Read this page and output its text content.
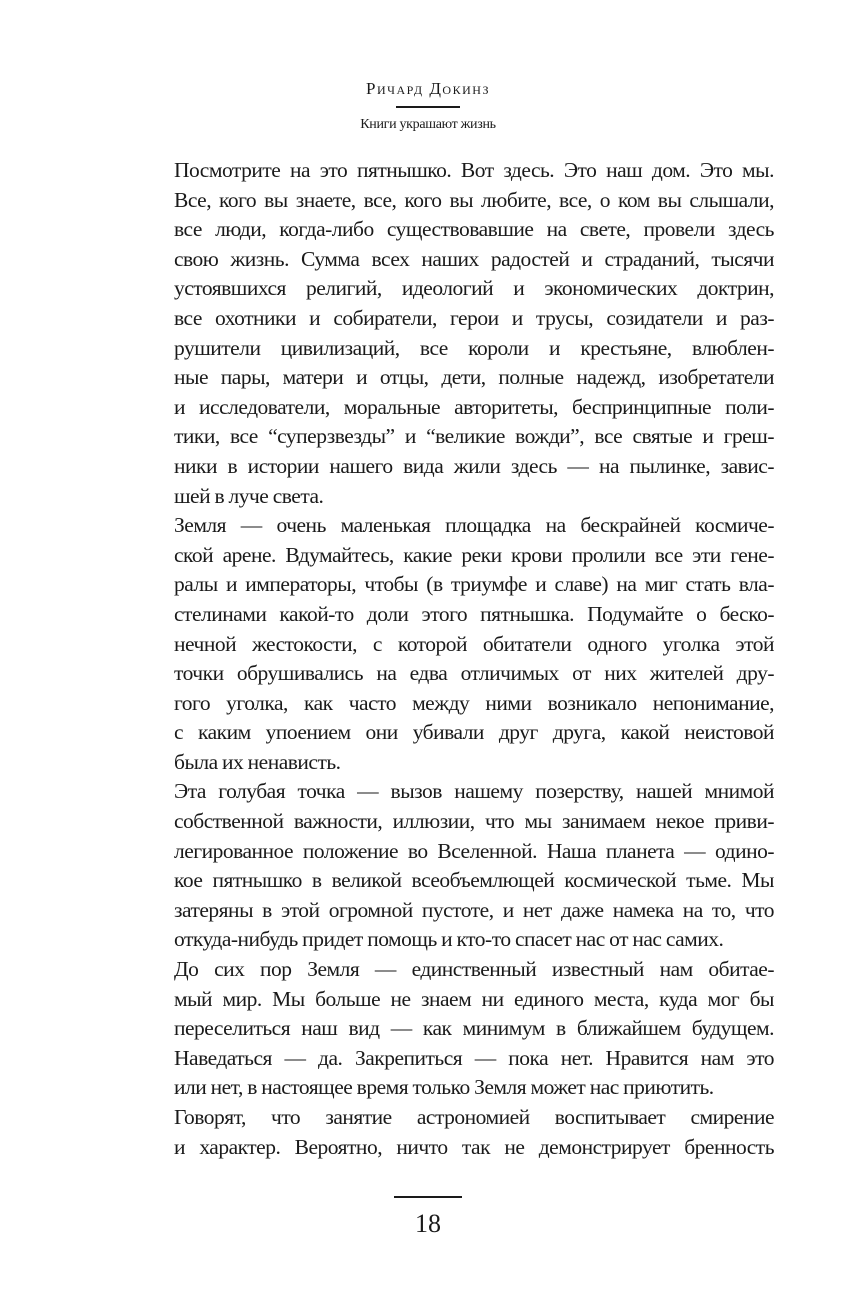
Ричард Докинз
Книги украшают жизнь
Посмотрите на это пятнышко. Вот здесь. Это наш дом. Это мы.
Все, кого вы знаете, все, кого вы любите, все, о ком вы слышали,
все люди, когда-либо существовавшие на свете, провели здесь
свою жизнь. Сумма всех наших радостей и страданий, тысячи
устоявшихся религий, идеологий и экономических доктрин,
все охотники и собиратели, герои и трусы, созидатели и раз-
рушители цивилизаций, все короли и крестьяне, влюблен-
ные пары, матери и отцы, дети, полные надежд, изобретатели
и исследователи, моральные авторитеты, беспринципные поли-
тики, все “суперзвезды” и “великие вожди”, все святые и греш-
ники в истории нашего вида жили здесь — на пылинке, завис-
шей в луче света.
Земля — очень маленькая площадка на бескрайней космиче-
ской арене. Вдумайтесь, какие реки крови пролили все эти гене-
ралы и императоры, чтобы (в триумфе и славе) на миг стать вла-
стелинами какой-то доли этого пятнышка. Подумайте о беско-
нечной жестокости, с которой обитатели одного уголка этой
точки обрушивались на едва отличимых от них жителей дру-
гого уголка, как часто между ними возникало непонимание,
с каким упоением они убивали друг друга, какой неистовой
была их ненависть.
Эта голубая точка — вызов нашему позерству, нашей мнимой
собственной важности, иллюзии, что мы занимаем некое приви-
легированное положение во Вселенной. Наша планета — одино-
кое пятнышко в великой всеобъемлющей космической тьме. Мы
затеряны в этой огромной пустоте, и нет даже намека на то, что
откуда-нибудь придет помощь и кто-то спасет нас от нас самих.
До сих пор Земля — единственный известный нам обитае-
мый мир. Мы больше не знаем ни единого места, куда мог бы
переселиться наш вид — как минимум в ближайшем будущем.
Наведаться — да. Закрепиться — пока нет. Нравится нам это
или нет, в настоящее время только Земля может нас приютить.
Говорят, что занятие астрономией воспитывает смирение
и характер. Вероятно, ничто так не демонстрирует бренность
18
